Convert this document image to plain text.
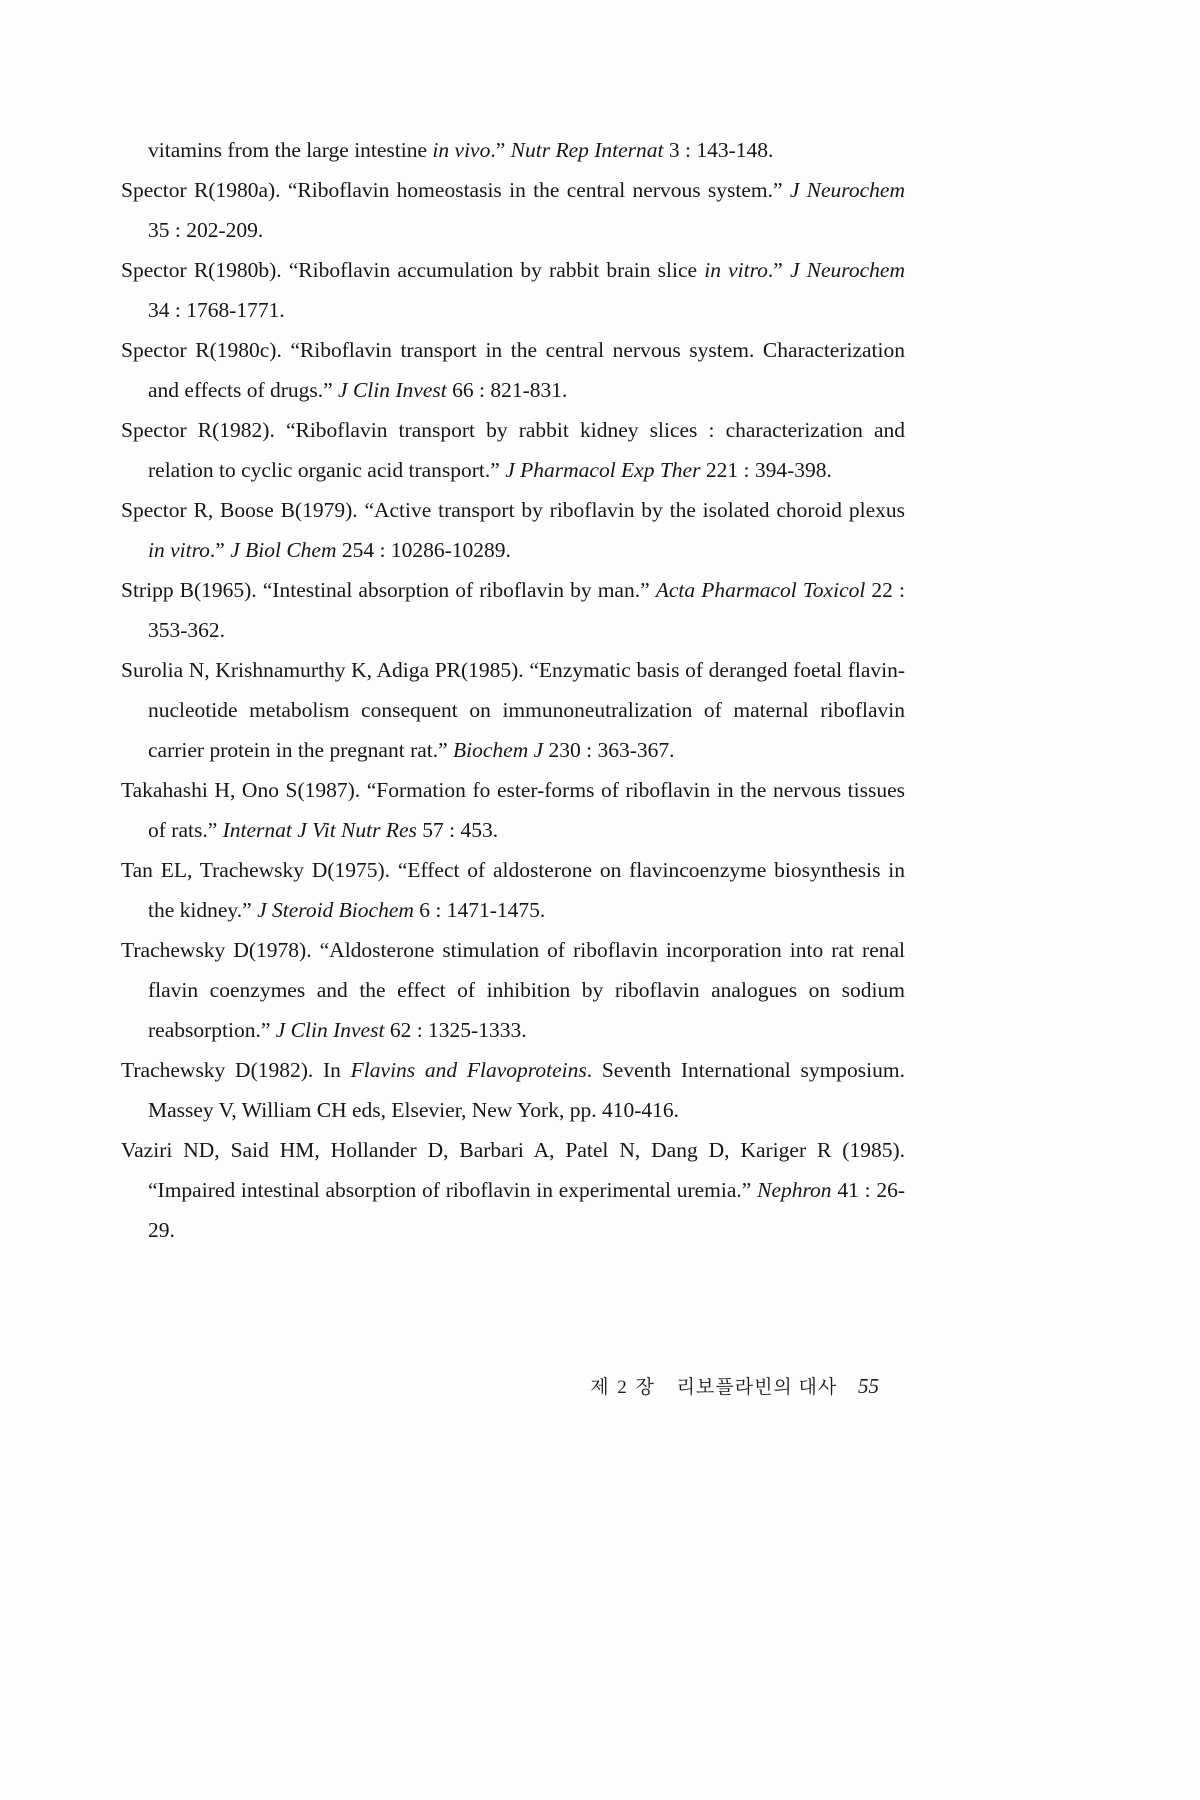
vitamins from the large intestine in vivo.” Nutr Rep Internat 3 : 143-148.

Spector R(1980a). “Riboflavin homeostasis in the central nervous system.” J Neurochem 35 : 202-209.

Spector R(1980b). “Riboflavin accumulation by rabbit brain slice in vitro.” J Neurochem 34 : 1768-1771.

Spector R(1980c). “Riboflavin transport in the central nervous system. Characterization and effects of drugs.” J Clin Invest 66 : 821-831.

Spector R(1982). “Riboflavin transport by rabbit kidney slices : characterization and relation to cyclic organic acid transport.” J Pharmacol Exp Ther 221 : 394-398.

Spector R, Boose B(1979). “Active transport by riboflavin by the isolated choroid plexus in vitro.” J Biol Chem 254 : 10286-10289.

Stripp B(1965). “Intestinal absorption of riboflavin by man.” Acta Pharmacol Toxicol 22 : 353-362.

Surolia N, Krishnamurthy K, Adiga PR(1985). “Enzymatic basis of deranged foetal flavin-nucleotide metabolism consequent on immunoneutralization of maternal riboflavin carrier protein in the pregnant rat.” Biochem J 230 : 363-367.

Takahashi H, Ono S(1987). “Formation fo ester-forms of riboflavin in the nervous tissues of rats.” Internat J Vit Nutr Res 57 : 453.

Tan EL, Trachewsky D(1975). “Effect of aldosterone on flavincoenzyme biosynthesis in the kidney.” J Steroid Biochem 6 : 1471-1475.

Trachewsky D(1978). “Aldosterone stimulation of riboflavin incorporation into rat renal flavin coenzymes and the effect of inhibition by riboflavin analogues on sodium reabsorption.” J Clin Invest 62 : 1325-1333.

Trachewsky D(1982). In Flavins and Flavoproteins. Seventh International symposium. Massey V, William CH eds, Elsevier, New York, pp. 410-416.

Vaziri ND, Said HM, Hollander D, Barbari A, Patel N, Dang D, Kariger R (1985). “Impaired intestinal absorption of riboflavin in experimental uremia.” Nephron 41 : 26-29.

제 2 장 리보플라빈의 대사 55
